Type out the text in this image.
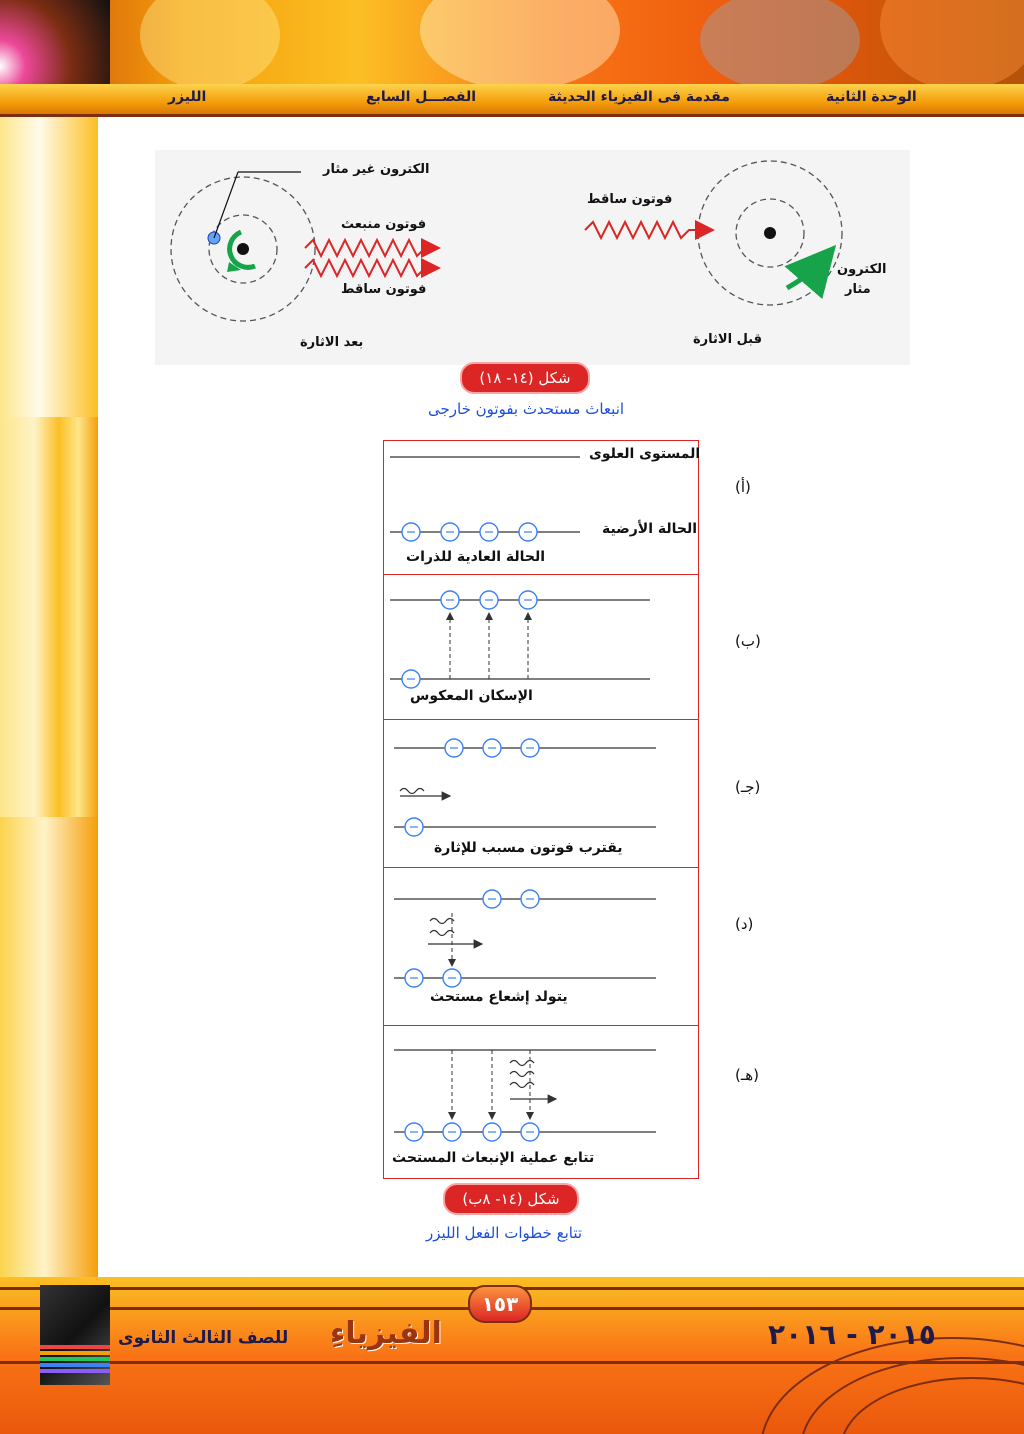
الوحدة الثانية
مقدمة فى الفيزياء الحديثة
الفصـــل السابع
الليزر
الكترون غير مثار
فوتون منبعث
فوتون ساقط
بعد الاثارة
فوتون ساقط
الكترون
مثار
قبل الاثارة
شكل (١٤- ١٨)
انبعاث مستحدث بفوتون خارجى
(أ)
(ب)
(جـ)
(د)
(هـ)
المستوى العلوى
الحالة الأرضية
الحالة العادية للذرات
الإسكان المعكوس
يقترب فوتون مسبب للإثارة
يتولد إشعاع مستحث
تتابع عملية الإنبعاث المستحث
شكل (١٤- ٨ب)
تتابع خطوات الفعل الليزر
١٥٣
الفيزياءِ
للصف الثالث الثانوى	٢٠١٥ - ٢٠١٦
